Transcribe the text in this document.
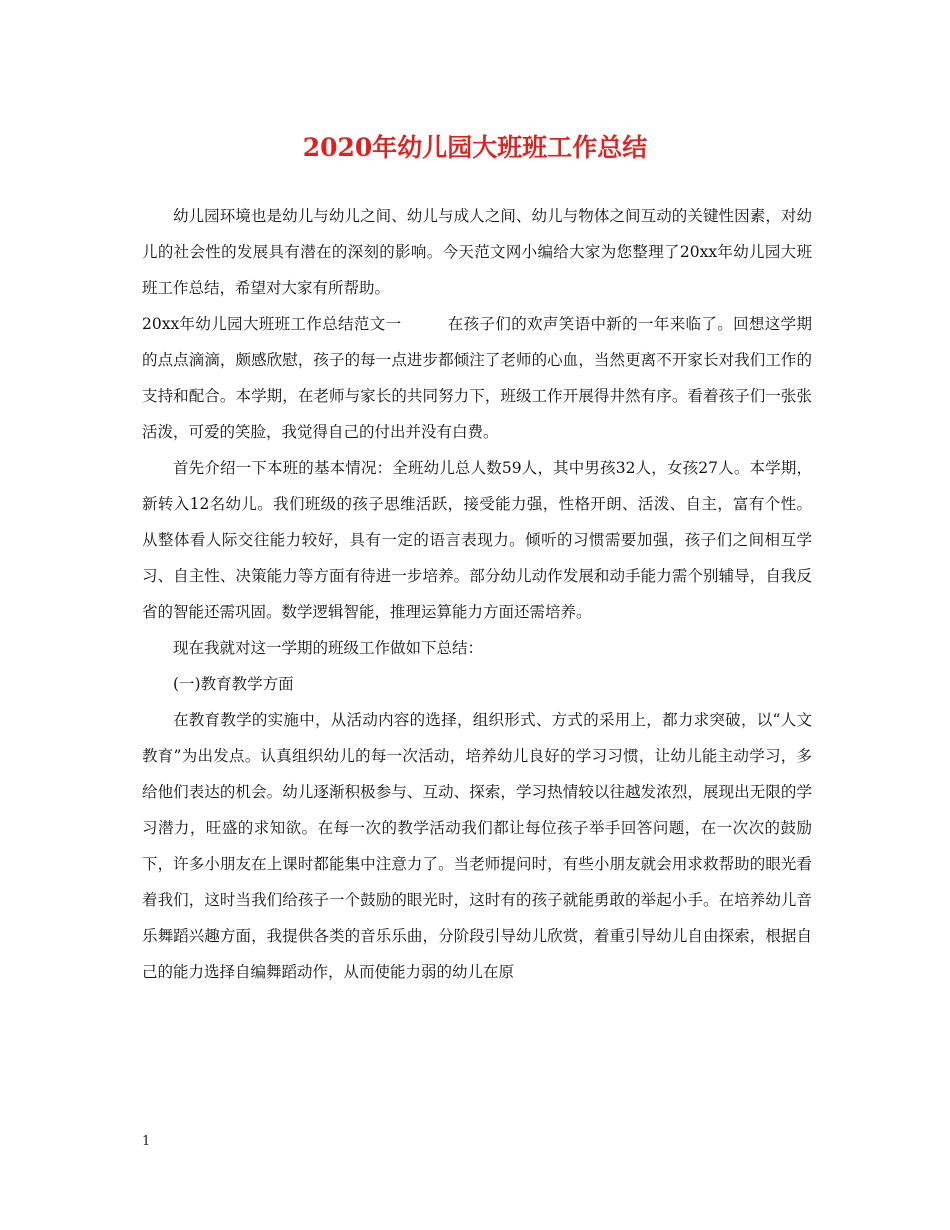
2020年幼儿园大班班工作总结

幼儿园环境也是幼儿与幼儿之间、幼儿与成人之间、幼儿与物体之间互动的关键性因素，对幼儿的社会性的发展具有潜在的深刻的影响。今天范文网小编给大家为您整理了20xx年幼儿园大班班工作总结，希望对大家有所帮助。

20xx年幼儿园大班班工作总结范文一	在孩子们的欢声笑语中新的一年来临了。回想这学期的点点滴滴，颇感欣慰，孩子的每一点进步都倾注了老师的心血，当然更离不开家长对我们工作的支持和配合。本学期，在老师与家长的共同努力下，班级工作开展得井然有序。看着孩子们一张张活泼，可爱的笑脸，我觉得自己的付出并没有白费。

首先介绍一下本班的基本情况：全班幼儿总人数59人，其中男孩32人，女孩27人。本学期，新转入12名幼儿。我们班级的孩子思维活跃，接受能力强，性格开朗、活泼、自主，富有个性。从整体看人际交往能力较好，具有一定的语言表现力。倾听的习惯需要加强，孩子们之间相互学习、自主性、决策能力等方面有待进一步培养。部分幼儿动作发展和动手能力需个别辅导，自我反省的智能还需巩固。数学逻辑智能，推理运算能力方面还需培养。

现在我就对这一学期的班级工作做如下总结：

(一)教育教学方面

在教育教学的实施中，从活动内容的选择，组织形式、方式的采用上，都力求突破，以“人文教育”为出发点。认真组织幼儿的每一次活动，培养幼儿良好的学习习惯，让幼儿能主动学习，多给他们表达的机会。幼儿逐渐积极参与、互动、探索，学习热情较以往越发浓烈，展现出无限的学习潜力，旺盛的求知欲。在每一次的教学活动我们都让每位孩子举手回答问题，在一次次的鼓励下，许多小朋友在上课时都能集中注意力了。当老师提问时，有些小朋友就会用求救帮助的眼光看着我们，这时当我们给孩子一个鼓励的眼光时，这时有的孩子就能勇敢的举起小手。在培养幼儿音乐舞蹈兴趣方面，我提供各类的音乐乐曲，分阶段引导幼儿欣赏，着重引导幼儿自由探索，根据自己的能力选择自编舞蹈动作，从而使能力弱的幼儿在原

1
